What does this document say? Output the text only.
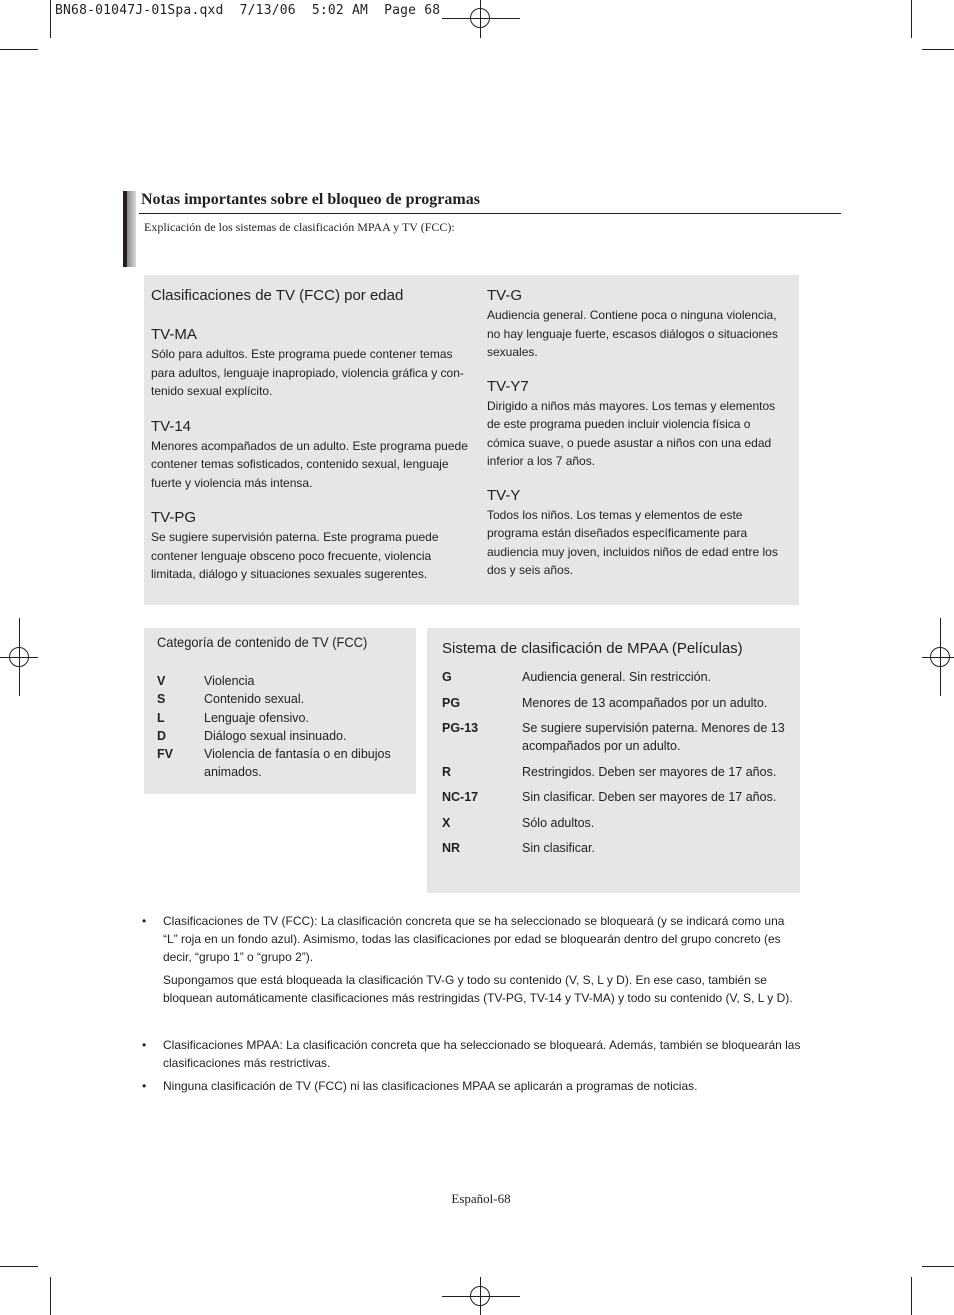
BN68-01047J-01Spa.qxd  7/13/06  5:02 AM  Page 68
Notas importantes sobre el bloqueo de programas
Explicación de los sistemas de clasificación MPAA y TV (FCC):
Clasificaciones de TV (FCC) por edad
TV-MA
Sólo para adultos. Este programa puede contener temas para adultos, lenguaje inapropiado, violencia gráfica y con- tenido sexual explícito.
TV-14
Menores acompañados de un adulto. Este programa puede contener temas sofisticados, contenido sexual, lenguaje fuerte y violencia más intensa.
TV-PG
Se sugiere supervisión paterna. Este programa puede contener lenguaje obsceno poco frecuente, violencia limitada, diálogo y situaciones sexuales sugerentes.
TV-G
Audiencia general. Contiene poca o ninguna violencia, no hay lenguaje fuerte, escasos diálogos o situaciones sexuales.
TV-Y7
Dirigido a niños más mayores. Los temas y elementos de este programa pueden incluir violencia física o cómica suave, o puede asustar a niños con una edad inferior a los 7 años.
TV-Y
Todos los niños. Los temas y elementos de este programa están diseñados específicamente para audiencia muy joven, incluidos niños de edad entre los dos y seis años.
Categoría de contenido de TV (FCC)
V	Violencia
S	Contenido sexual.
L	Lenguaje ofensivo.
D	Diálogo sexual insinuado.
FV	Violencia de fantasía o en dibujos animados.
Sistema de clasificación de MPAA (Películas)
G	Audiencia general. Sin restricción.
PG	Menores de 13 acompañados por un adulto.
PG-13	Se sugiere supervisión paterna. Menores de 13 acompañados por un adulto.
R	Restringidos. Deben ser mayores de 17 años.
NC-17	Sin clasificar. Deben ser mayores de 17 años.
X	Sólo adultos.
NR	Sin clasificar.
•	Clasificaciones de TV (FCC): La clasificación concreta que se ha seleccionado se bloqueará (y se indicará como una “L” roja en un fondo azul). Asimismo, todas las clasificaciones por edad se bloquearán dentro del grupo concreto (es decir, “grupo 1” o “grupo 2”).

Supongamos que está bloqueada la clasificación TV-G y todo su contenido (V, S, L y D). En ese caso, también se bloquean automáticamente clasificaciones más restringidas (TV-PG, TV-14 y TV-MA) y todo su contenido (V, S, L y D).

•	Clasificaciones MPAA: La clasificación concreta que ha seleccionado se bloqueará. Además, también se bloquearán las clasificaciones más restrictivas.

•	Ninguna clasificación de TV (FCC) ni las clasificaciones MPAA se aplicarán a programas de noticias.

Español-68
